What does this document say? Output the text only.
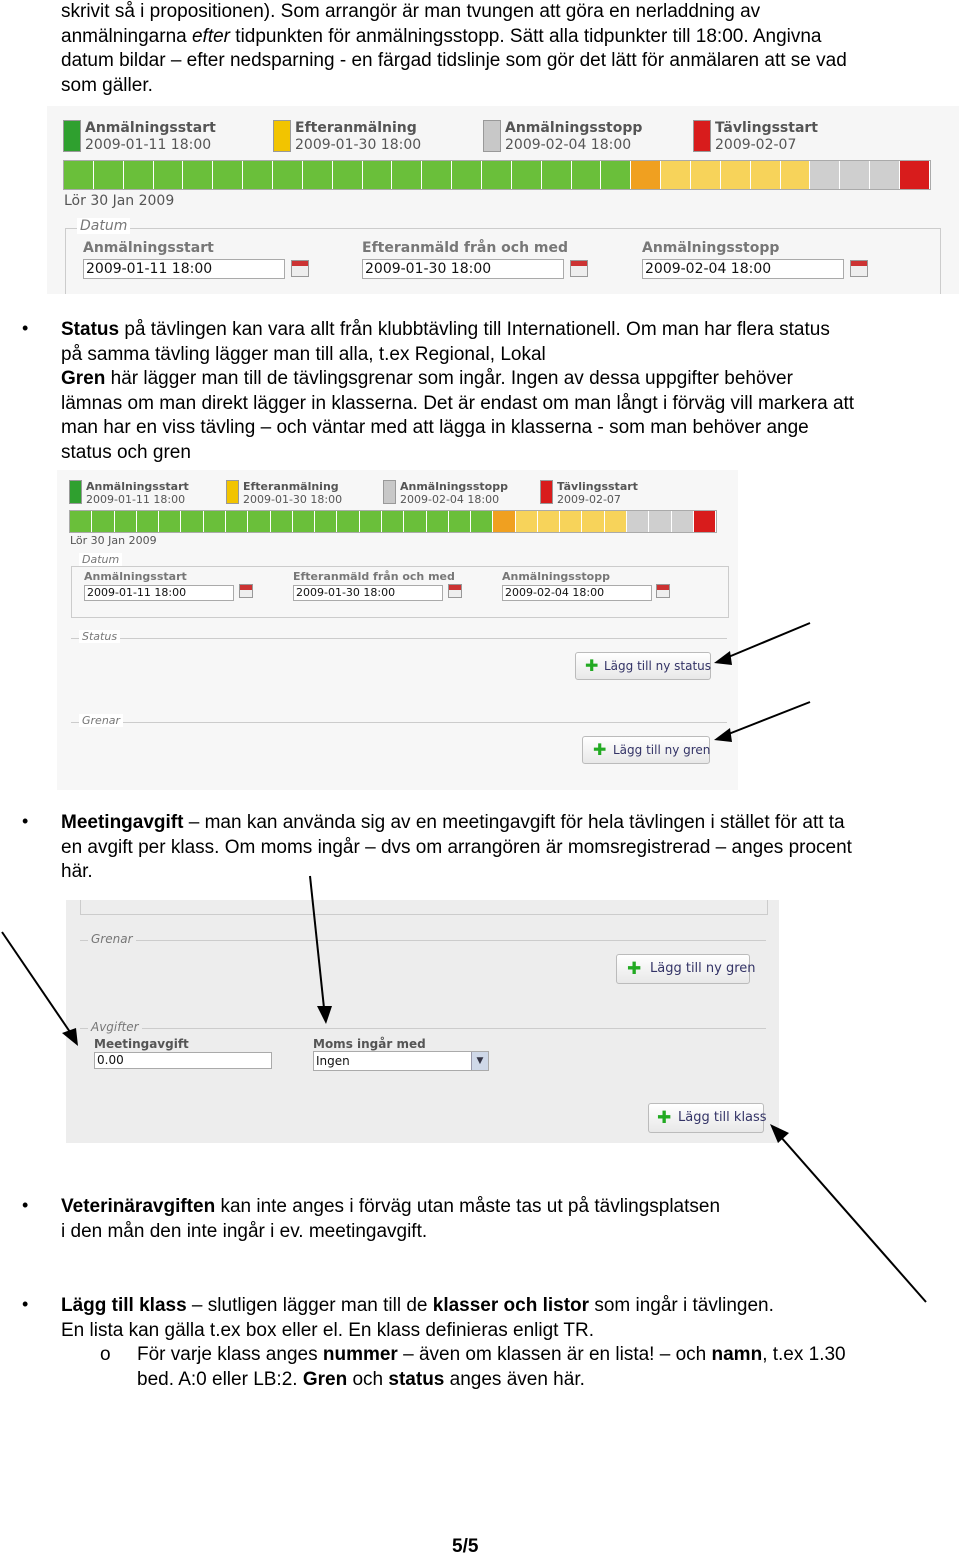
skrivit så i propositionen). Som arrangör är man tvungen att göra en nerladdning av
anmälningarna efter tidpunkten för anmälningsstopp. Sätt alla tidpunkter till 18:00. Angivna
datum bildar – efter nedsparning - en färgad tidslinje som gör det lätt för anmälaren att se vad
som gäller.
Anmälningsstart
2009-01-11 18:00
Efteranmälning
2009-01-30 18:00
Anmälningsstopp
2009-02-04 18:00
Tävlingsstart
2009-02-07
Lör 30 Jan 2009
Datum
Anmälningsstart
2009-01-11 18:00
Efteranmäld från och med
2009-01-30 18:00
Anmälningsstopp
2009-02-04 18:00
• Status på tävlingen kan vara allt från klubbtävling till Internationell. Om man har flera status
på samma tävling lägger man till alla, t.ex Regional, Lokal
Gren här lägger man till de tävlingsgrenar som ingår. Ingen av dessa uppgifter behöver
lämnas om man direkt lägger in klasserna. Det är endast om man långt i förväg vill markera att
man har en viss tävling – och väntar med att lägga in klasserna - som man behöver ange
status och gren
Anmälningsstart
2009-01-11 18:00
Efteranmälning
2009-01-30 18:00
Anmälningsstopp
2009-02-04 18:00
Tävlingsstart
2009-02-07
Lör 30 Jan 2009
Datum
Anmälningsstart
2009-01-11 18:00
Efteranmäld från och med
2009-01-30 18:00
Anmälningsstopp
2009-02-04 18:00
Status
✚ Lägg till ny status
Grenar
✚ Lägg till ny gren
• Meetingavgift – man kan använda sig av en meetingavgift för hela tävlingen i stället för att ta
en avgift per klass. Om moms ingår – dvs om arrangören är momsregistrerad – anges procent
här.
Grenar
✚ Lägg till ny gren
Avgifter
Meetingavgift
0.00
Moms ingår med
Ingen	▼
✚ Lägg till klass
• Veterinäravgiften kan inte anges i förväg utan måste tas ut på tävlingsplatsen
i den mån den inte ingår i ev. meetingavgift.
• Lägg till klass – slutligen lägger man till de klasser och listor som ingår i tävlingen.
En lista kan gälla t.ex box eller el. En klass definieras enligt TR.
o För varje klass anges nummer – även om klassen är en lista! – och namn, t.ex 1.30
bed. A:0 eller LB:2. Gren och status anges även här.
5/5
